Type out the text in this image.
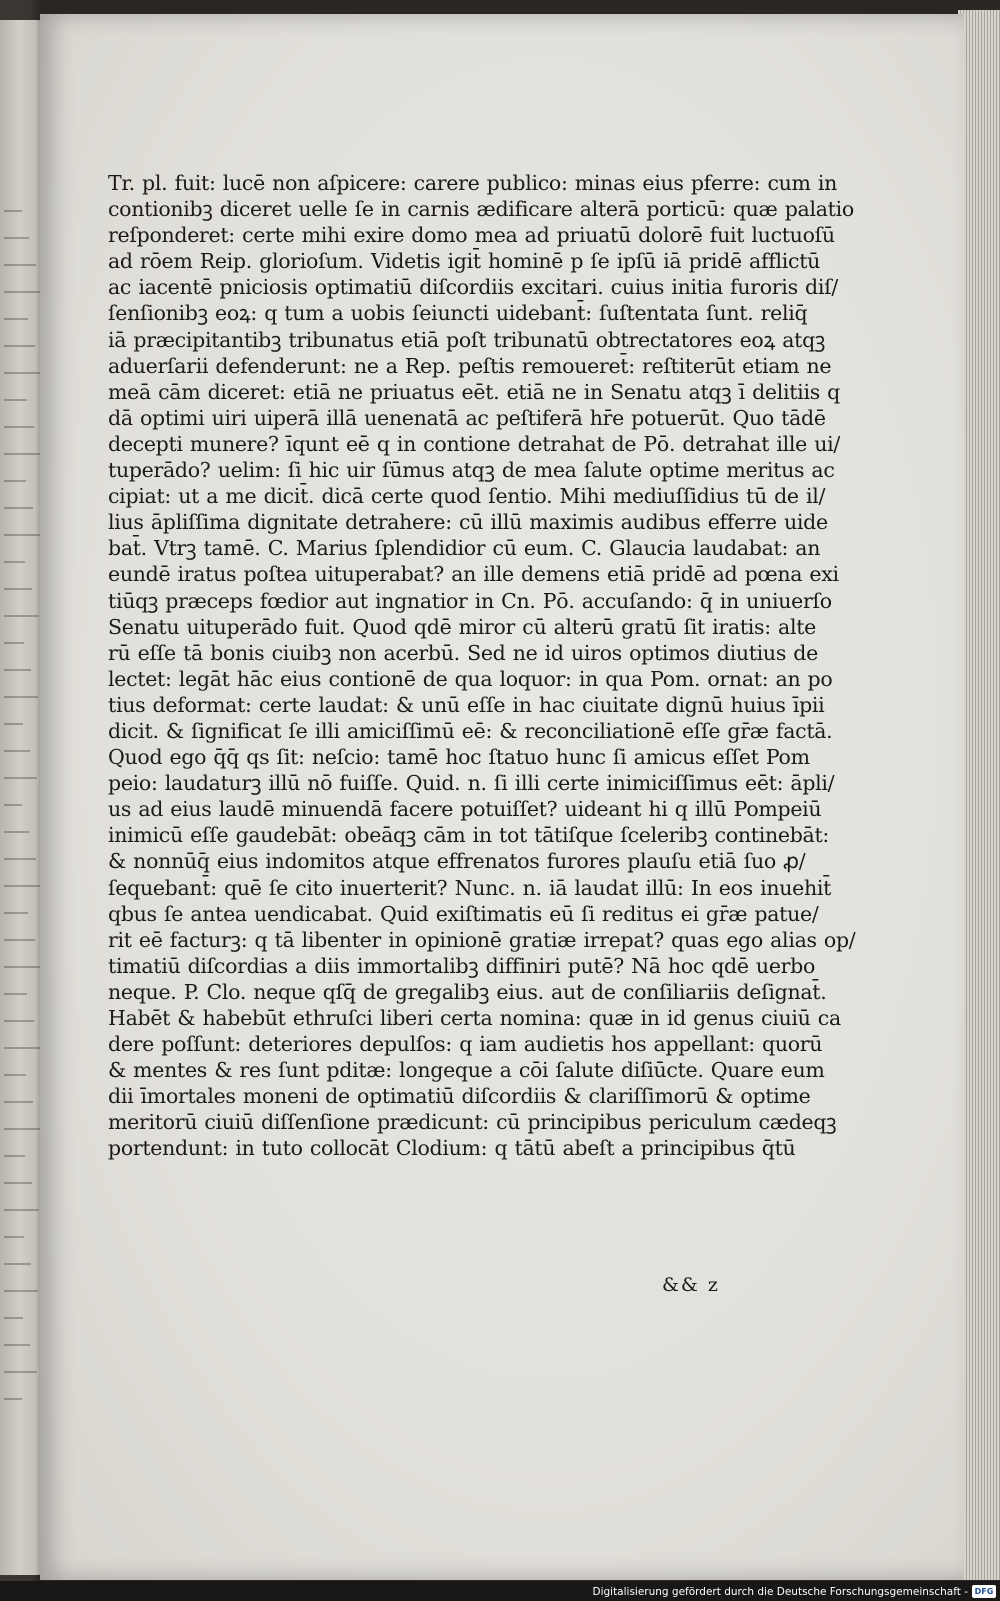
Tr. pl. fuit: lucē non aſpicere: carere publico: minas eius pferre: cum in
contionibꝫ diceret uelle ſe in carnis ædificare alterā porticū: quæ palatio
reſponderet: certe mihi exire domo mea ad priuatū dolorē fuit luctuoſū
ad rōem Reip. glorioſum. Videtis igit̄ hominē p ſe ipſū iā pridē afflictū
ac iacentē pniciosis optimatiū diſcordiis excitari. cuius initia furoris diſ/
ſenſionibꝫ eoꝝ: q tum a uobis ſeiuncti uidebant̄: ſuſtentata ſunt. reliq̄
iā præcipitantibꝫ tribunatus etiā poſt tribunatū obtrectatores eoꝝ atqꝫ
aduerſarii defenderunt: ne a Rep. peſtis remoueret̄: reſtiterūt etiam ne
meā cām diceret: etiā ne priuatus eēt. etiā ne in Senatu atqꝫ ī delitiis q
dā optimi uiri uiperā illā uenenatā ac peſtiferā hr̄e potuerūt. Quo tādē
decepti munere? īqunt eē q in contione detrahat de Pō. detrahat ille ui/
tuperādo? uelim: ſi hic uir ſūmus atqꝫ de mea ſalute optime meritus ac
cipiat: ut a me dicit̄. dicā certe quod ſentio. Mihi mediuſſidius tū de il/
lius āpliſſima dignitate detrahere: cū illū maximis audibus efferre uide
bat̄. Vtrꝫ tamē. C. Marius ſplendidior cū eum. C. Glaucia laudabat: an
eundē iratus poſtea uituperabat? an ille demens etiā pridē ad pœna exi
tiūqꝫ præceps fœdior aut ingnatior in Cn. Pō. accuſando: q̄ in uniuerſo
Senatu uituperādo fuit. Quod qdē miror cū alterū gratū ſit iratis: alte
rū eſſe tā bonis ciuibꝫ non acerbū. Sed ne id uiros optimos diutius de
lectet: legāt hāc eius contionē de qua loquor: in qua Pom. ornat: an po
tius deformat: certe laudat: & unū eſſe in hac ciuitate dignū huius īpii
dicit. & ſignificat ſe illi amiciſſimū eē: & reconciliationē eſſe gr̄æ factā.
Quod ego q̄q̄ qs ſit: neſcio: tamē hoc ſtatuo hunc ſi amicus eſſet Pom
peio: laudaturꝫ illū nō fuiſſe. Quid. n. ſi illi certe inimiciſſimus eēt: āpli/
us ad eius laudē minuendā facere potuiſſet? uideant hi q illū Pompeiū
inimicū eſſe gaudebāt: obeāqꝫ cām in tot tātiſque ſceleribꝫ continebāt:
& nonnūq̄ eius indomitos atque effrenatos furores plauſu etiā ſuo ꝓ/
ſequebant̄: quē ſe cito inuerterit? Nunc. n. iā laudat illū: In eos inuehit̄
qbus ſe antea uendicabat. Quid exiſtimatis eū ſi reditus ei gr̄æ patue/
rit eē facturꝫ: q tā libenter in opinionē gratiæ irrepat? quas ego alias op/
timatiū diſcordias a diis immortalibꝫ diffiniri putē? Nā hoc qdē uerbo
neque. P. Clo. neque qſq̄ de gregalibꝫ eius. aut de conſiliariis deſignat̄.
Habēt & habebūt ethruſci liberi certa nomina: quæ in id genus ciuiū ca
dere poſſunt: deteriores depulſos: q iam audietis hos appellant: quorū
& mentes & res ſunt pditæ: longeque a cōi ſalute diſiūcte. Quare eum
dii īmortales moneni de optimatiū diſcordiis & clariſſimorū & optime
meritorū ciuiū diſſenſione prædicunt: cū principibus periculum cædeqꝫ
portendunt: in tuto collocāt Clodium: q tātū abeſt a principibus q̄tū
&& z
Digitalisierung gefördert durch die Deutsche Forschungsgemeinschaft - DFG
